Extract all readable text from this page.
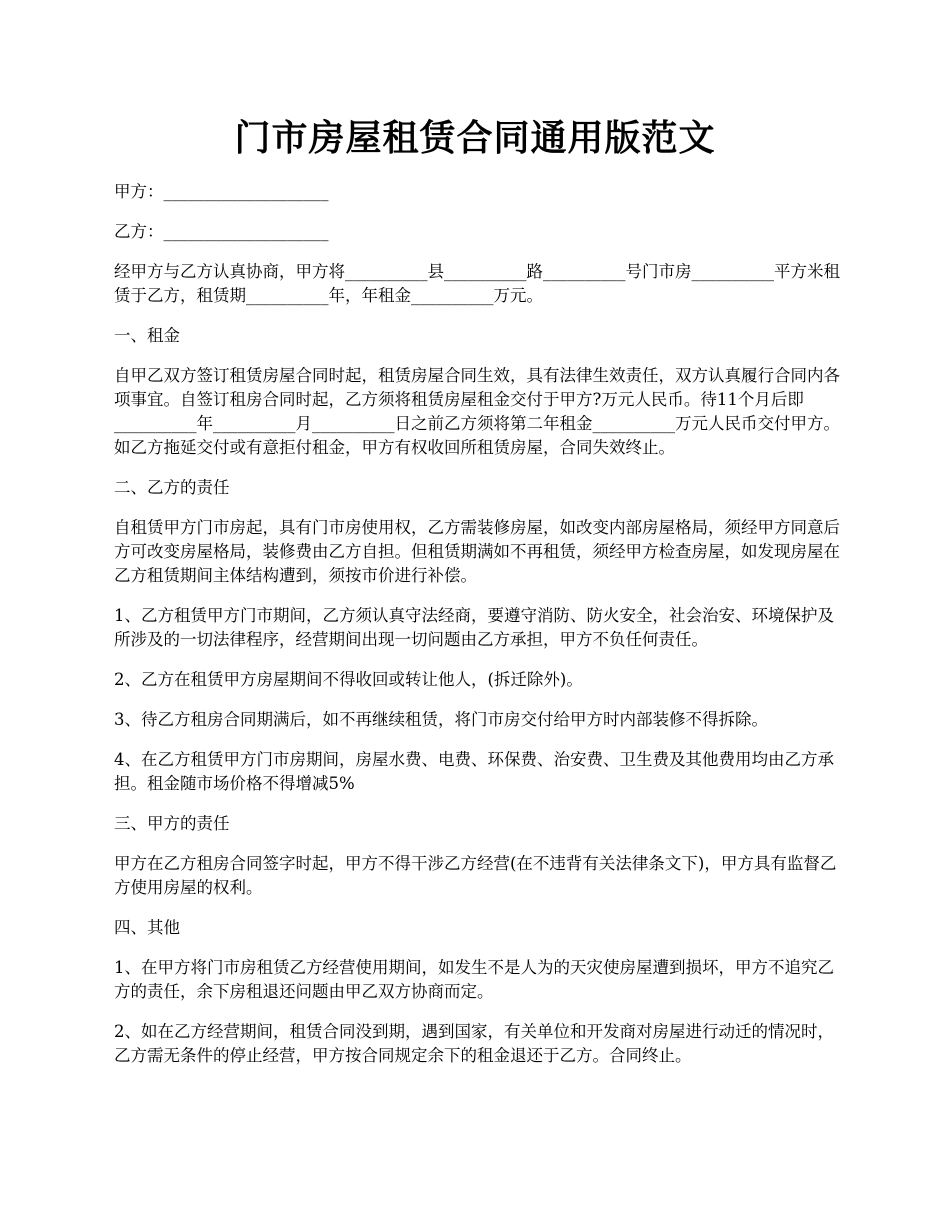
门市房屋租赁合同通用版范文

甲方：____________________

乙方：____________________

经甲方与乙方认真协商，甲方将__________县__________路__________号门市房__________平方米租赁于乙方，租赁期__________年，年租金__________万元。

一、租金

自甲乙双方签订租赁房屋合同时起，租赁房屋合同生效，具有法律生效责任，双方认真履行合同内各项事宜。自签订租房合同时起，乙方须将租赁房屋租金交付于甲方?万元人民币。待11个月后即__________年__________月__________日之前乙方须将第二年租金__________万元人民币交付甲方。如乙方拖延交付或有意拒付租金，甲方有权收回所租赁房屋，合同失效终止。

二、乙方的责任

自租赁甲方门市房起，具有门市房使用权，乙方需装修房屋，如改变内部房屋格局，须经甲方同意后方可改变房屋格局，装修费由乙方自担。但租赁期满如不再租赁，须经甲方检查房屋，如发现房屋在乙方租赁期间主体结构遭到，须按市价进行补偿。

1、乙方租赁甲方门市期间，乙方须认真守法经商，要遵守消防、防火安全，社会治安、环境保护及所涉及的一切法律程序，经营期间出现一切问题由乙方承担，甲方不负任何责任。

2、乙方在租赁甲方房屋期间不得收回或转让他人，(拆迁除外)。

3、待乙方租房合同期满后，如不再继续租赁，将门市房交付给甲方时内部装修不得拆除。

4、在乙方租赁甲方门市房期间，房屋水费、电费、环保费、治安费、卫生费及其他费用均由乙方承担。租金随市场价格不得增减5%

三、甲方的责任

甲方在乙方租房合同签字时起，甲方不得干涉乙方经营(在不违背有关法律条文下)，甲方具有监督乙方使用房屋的权利。

四、其他

1、在甲方将门市房租赁乙方经营使用期间，如发生不是人为的天灾使房屋遭到损坏，甲方不追究乙方的责任，余下房租退还问题由甲乙双方协商而定。

2、如在乙方经营期间，租赁合同没到期，遇到国家，有关单位和开发商对房屋进行动迁的情况时，乙方需无条件的停止经营，甲方按合同规定余下的租金退还于乙方。合同终止。
